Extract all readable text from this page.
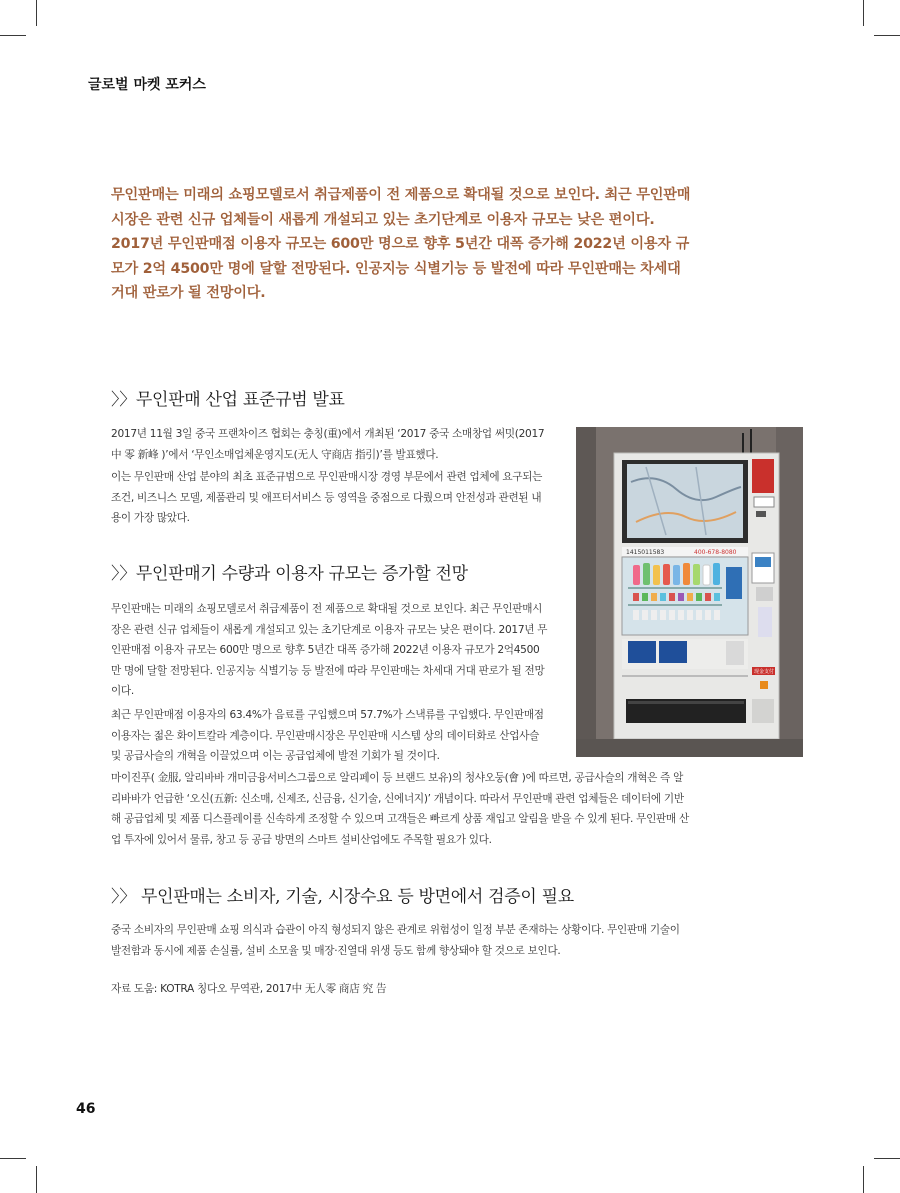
글로벌 마켓 포커스
무인판매는 미래의 쇼핑모델로서 취급제품이 전 제품으로 확대될 것으로 보인다. 최근 무인판매 시장은 관련 신규 업체들이 새롭게 개설되고 있는 초기단계로 이용자 규모는 낮은 편이다. 2017년 무인판매점 이용자 규모는 600만 명으로 향후 5년간 대폭 증가해 2022년 이용자 규모가 2억 4500만 명에 달할 전망된다. 인공지능 식별기능 등 발전에 따라 무인판매는 차세대 거대 판로가 될 전망이다.
〉〉무인판매 산업 표준규범 발표
2017년 11월 3일 중국 프랜차이즈 협회는 충칭(重)에서 개최된 ‘2017 중국 소매창업 써밋(2017中 零 新峰 )’에서 ‘무인소매업체운영지도(无人 守商店 指引)’를 발표했다.
이는 무인판매 산업 분야의 최초 표준규범으로 무인판매시장 경영 부문에서 관련 업체에 요구되는 조건, 비즈니스 모델, 제품관리 및 애프터서비스 등 영역을 중점으로 다뤘으며 안전성과 관련된 내용이 가장 많았다.
〉〉무인판매기 수량과 이용자 규모는 증가할 전망
무인판매는 미래의 쇼핑모델로서 취급제품이 전 제품으로 확대될 것으로 보인다. 최근 무인판매시장은 관련 신규 업체들이 새롭게 개설되고 있는 초기단계로 이용자 규모는 낮은 편이다. 2017년 무인판매점 이용자 규모는 600만 명으로 향후 5년간 대폭 증가해 2022년 이용자 규모가 2억4500만 명에 달할 전망된다. 인공지능 식별기능 등 발전에 따라 무인판매는 차세대 거대 판로가 될 전망이다.
최근 무인판매점 이용자의 63.4%가 음료를 구입했으며 57.7%가 스낵류를 구입했다. 무인판매점 이용자는 젊은 화이트칼라 계층이다. 무인판매시장은 무인판매 시스템 상의 데이터화로 산업사슬 및 공급사슬의 개혁을 이끌었으며 이는 공급업체에 발전 기회가 될 것이다.
마이진푸( 金服, 알리바바 개미금융서비스그룹으로 알리페이 등 브랜드 보유)의 청샤오둥(會 )에 따르면, 공급사슬의 개혁은 즉 알리바바가 언급한 ‘오신(五新: 신소매, 신제조, 신금융, 신기술, 신에너지)’ 개념이다. 따라서 무인판매 관련 업체들은 데이터에 기반해 공급업체 및 제품 디스플레이를 신속하게 조정할 수 있으며 고객들은 빠르게 상품 재입고 알림을 받을 수 있게 된다. 무인판매 산업 투자에 있어서 물류, 창고 등 공급 방면의 스마트 설비산업에도 주목할 필요가 있다.
〉〉 무인판매는 소비자, 기술, 시장수요 등 방면에서 검증이 필요
중국 소비자의 무인판매 쇼핑 의식과 습관이 아직 형성되지 않은 관계로 위험성이 일정 부분 존재하는 상황이다. 무인판매 기술이 발전함과 동시에 제품 손실률, 설비 소모율 및 매장·진열대 위생 등도 함께 향상돼야 할 것으로 보인다.
자료 도움: KOTRA 칭다오 무역관, 2017中 无人零 商店 究 告
46
1415011583	400-678-8080
现金支付
